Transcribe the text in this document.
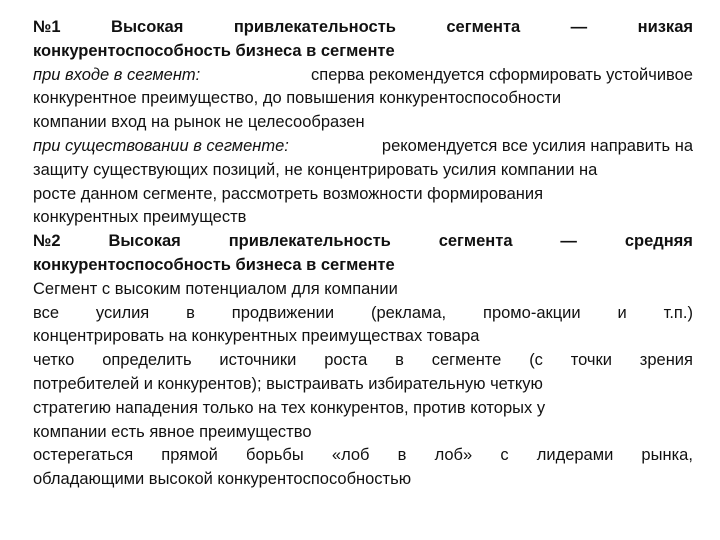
№1	Высокая	привлекательность	сегмента	—	низкая
конкурентоспособность бизнеса в сегменте
при входе в сегмент:	сперва рекомендуется сформировать устойчивое
конкурентное преимущество, до повышения конкурентоспособности
компании вход на рынок не целесообразен
при существовании в сегменте:	рекомендуется все усилия направить на
защиту существующих позиций, не концентрировать усилия компании на
росте данном сегменте, рассмотреть возможности формирования
конкурентных преимуществ
№2	Высокая	привлекательность	сегмента	—	средняя
конкурентоспособность бизнеса в сегменте
Сегмент с высоким потенциалом для компании
все усилия в продвижении (реклама, промо-акции и т.п.)
концентрировать на конкурентных преимуществах товара
четко определить источники роста в сегменте (с точки зрения
потребителей и конкурентов); выстраивать избирательную четкую
стратегию нападения только на тех конкурентов, против которых у
компании есть явное преимущество
остерегаться прямой борьбы «лоб в лоб» с лидерами рынка,
обладающими высокой конкурентоспособностью
